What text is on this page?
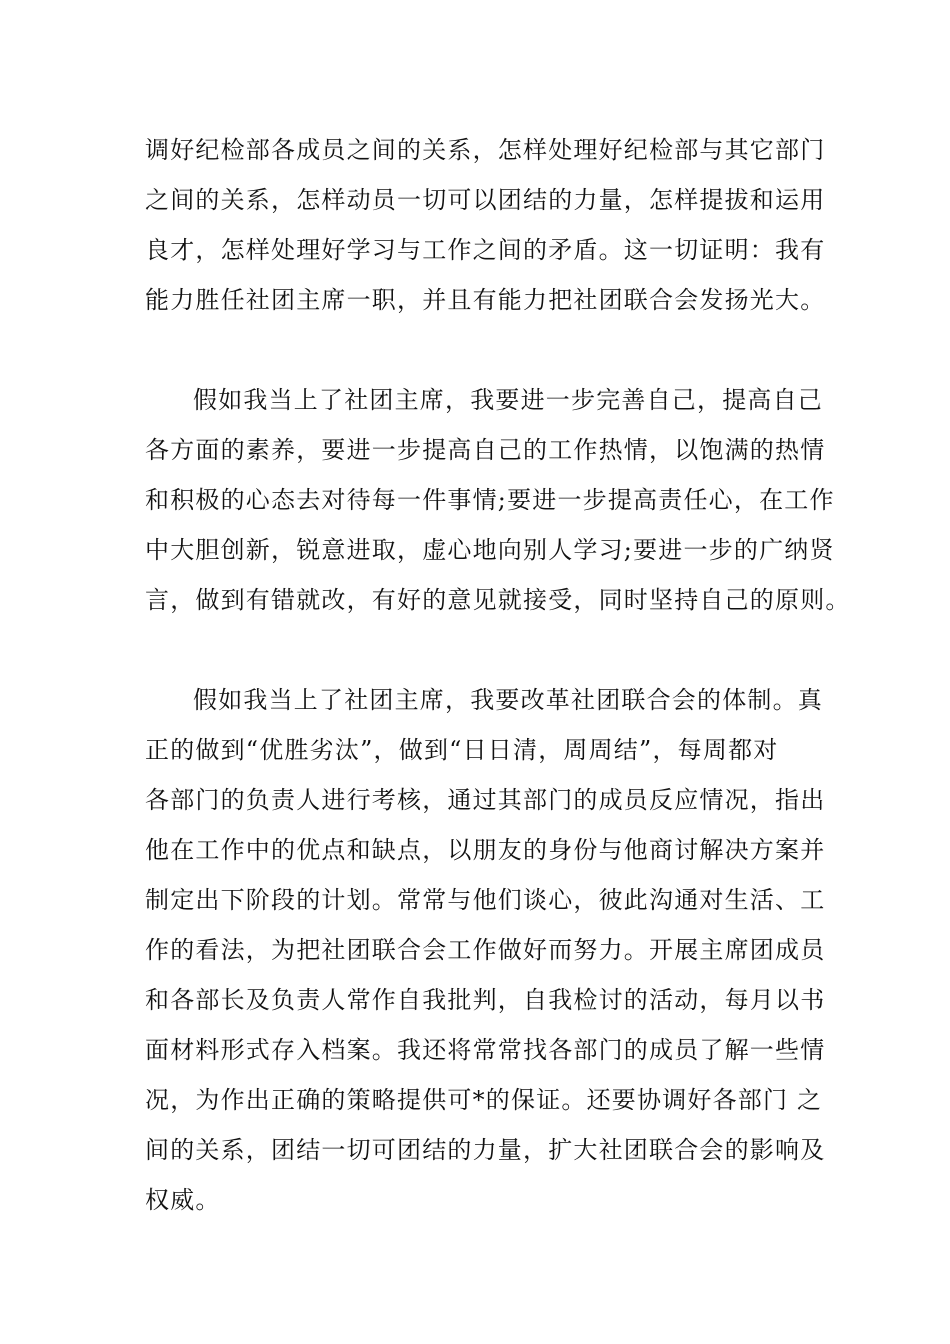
调好纪检部各成员之间的关系，怎样处理好纪检部与其它部门
之间的关系，怎样动员一切可以团结的力量，怎样提拔和运用
良才，怎样处理好学习与工作之间的矛盾。这一切证明：我有
能力胜任社团主席一职，并且有能力把社团联合会发扬光大。
假如我当上了社团主席，我要进一步完善自己，提高自己
各方面的素养，要进一步提高自己的工作热情，以饱满的热情
和积极的心态去对待每一件事情;要进一步提高责任心，在工作
中大胆创新，锐意进取，虚心地向别人学习;要进一步的广纳贤
言，做到有错就改，有好的意见就接受，同时坚持自己的原则。
假如我当上了社团主席，我要改革社团联合会的体制。真
正的做到“优胜劣汰”，做到“日日清，周周结”，每周都对
各部门的负责人进行考核，通过其部门的成员反应情况，指出
他在工作中的优点和缺点，以朋友的身份与他商讨解决方案并
制定出下阶段的计划。常常与他们谈心，彼此沟通对生活、工
作的看法，为把社团联合会工作做好而努力。开展主席团成员
和各部长及负责人常作自我批判，自我检讨的活动，每月以书
面材料形式存入档案。我还将常常找各部门的成员了解一些情
况，为作出正确的策略提供可*的保证。还要协调好各部门 之
间的关系，团结一切可团结的力量，扩大社团联合会的影响及
权威。
